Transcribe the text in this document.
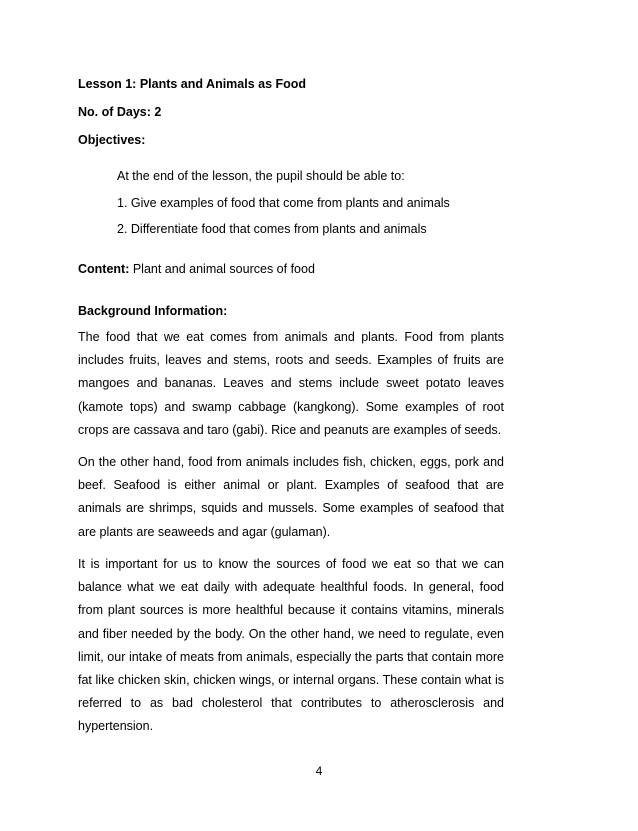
Lesson 1: Plants and Animals as Food
No. of Days: 2
Objectives:
At the end of the lesson, the pupil should be able to:
1. Give examples of food that come from plants and animals
2. Differentiate food that comes from plants and animals
Content: Plant and animal sources of food
Background Information:

The food that we eat comes from animals and plants. Food from plants includes fruits, leaves and stems, roots and seeds. Examples of fruits are mangoes and bananas. Leaves and stems include sweet potato leaves (kamote tops) and swamp cabbage (kangkong). Some examples of root crops are cassava and taro (gabi). Rice and peanuts are examples of seeds.

On the other hand, food from animals includes fish, chicken, eggs, pork and beef. Seafood is either animal or plant. Examples of seafood that are animals are shrimps, squids and mussels. Some examples of seafood that are plants are seaweeds and agar (gulaman).

It is important for us to know the sources of food we eat so that we can balance what we eat daily with adequate healthful foods. In general, food from plant sources is more healthful because it contains vitamins, minerals and fiber needed by the body. On the other hand, we need to regulate, even limit, our intake of meats from animals, especially the parts that contain more fat like chicken skin, chicken wings, or internal organs. These contain what is referred to as bad cholesterol that contributes to atherosclerosis and hypertension.

4
